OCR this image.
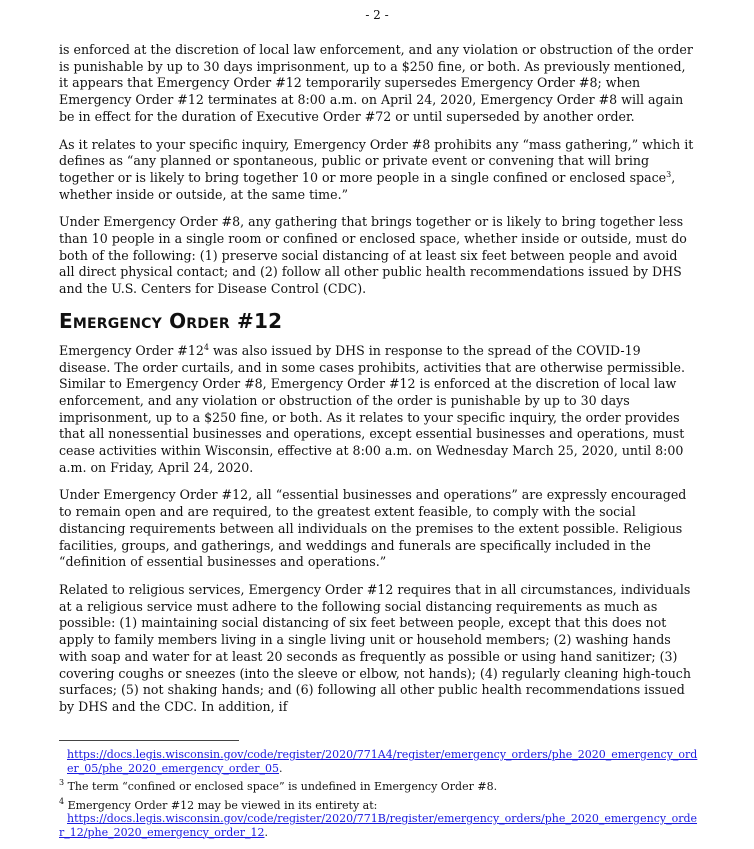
- 2 -

is enforced at the discretion of local law enforcement, and any violation or obstruction of the order is punishable by up to 30 days imprisonment, up to a $250 fine, or both. As previously mentioned, it appears that Emergency Order #12 temporarily supersedes Emergency Order #8; when Emergency Order #12 terminates at 8:00 a.m. on April 24, 2020, Emergency Order #8 will again be in effect for the duration of Executive Order #72 or until superseded by another order.

As it relates to your specific inquiry, Emergency Order #8 prohibits any “mass gathering,” which it defines as “any planned or spontaneous, public or private event or convening that will bring together or is likely to bring together 10 or more people in a single confined or enclosed space$^3$, whether inside or outside, at the same time.”

Under Emergency Order #8, any gathering that brings together or is likely to bring together less than 10 people in a single room or confined or enclosed space, whether inside or outside, must do both of the following: (1) preserve social distancing of at least six feet between people and avoid all direct physical contact; and (2) follow all other public health recommendations issued by DHS and the U.S. Centers for Disease Control (CDC).

Emergency Order #12

Emergency Order $\#12^4$ was also issued by DHS in response to the spread of the COVID-19 disease. The order curtails, and in some cases prohibits, activities that are otherwise permissible. Similar to Emergency Order #8, Emergency Order #12 is enforced at the discretion of local law enforcement, and any violation or obstruction of the order is punishable by up to 30 days imprisonment, up to a $250 fine, or both. As it relates to your specific inquiry, the order provides that all nonessential businesses and operations, except essential businesses and operations, must cease activities within Wisconsin, effective at 8:00 a.m. on Wednesday March 25, 2020, until 8:00 a.m. on Friday, April 24, 2020.

Under Emergency Order #12, all “essential businesses and operations” are expressly encouraged to remain open and are required, to the greatest extent feasible, to comply with the social distancing requirements between all individuals on the premises to the extent possible. Religious facilities, groups, and gatherings, and weddings and funerals are specifically included in the “definition of essential businesses and operations.”

Related to religious services, Emergency Order #12 requires that in all circumstances, individuals at a religious service must adhere to the following social distancing requirements as much as possible: (1) maintaining social distancing of six feet between people, except that this does not apply to family members living in a single living unit or household members; (2) washing hands with soap and water for at least 20 seconds as frequently as possible or using hand sanitizer; (3) covering coughs or sneezes (into the sleeve or elbow, not hands); (4) regularly cleaning high-touch surfaces; (5) not shaking hands; and (6) following all other public health recommendations issued by DHS and the CDC. In addition, if

https://docs.legis.wisconsin.gov/code/register/2020/771A4/register/emergency_orders/phe_2020_emergency_order_05/phe_2020_emergency_order_05.
$^3$ The term “confined or enclosed space” is undefined in Emergency Order #8.
$^4$ Emergency Order #12 may be viewed in its entirety at:
https://docs.legis.wisconsin.gov/code/register/2020/771B/register/emergency_orders/phe_2020_emergency_order_12/phe_2020_emergency_order_12.
